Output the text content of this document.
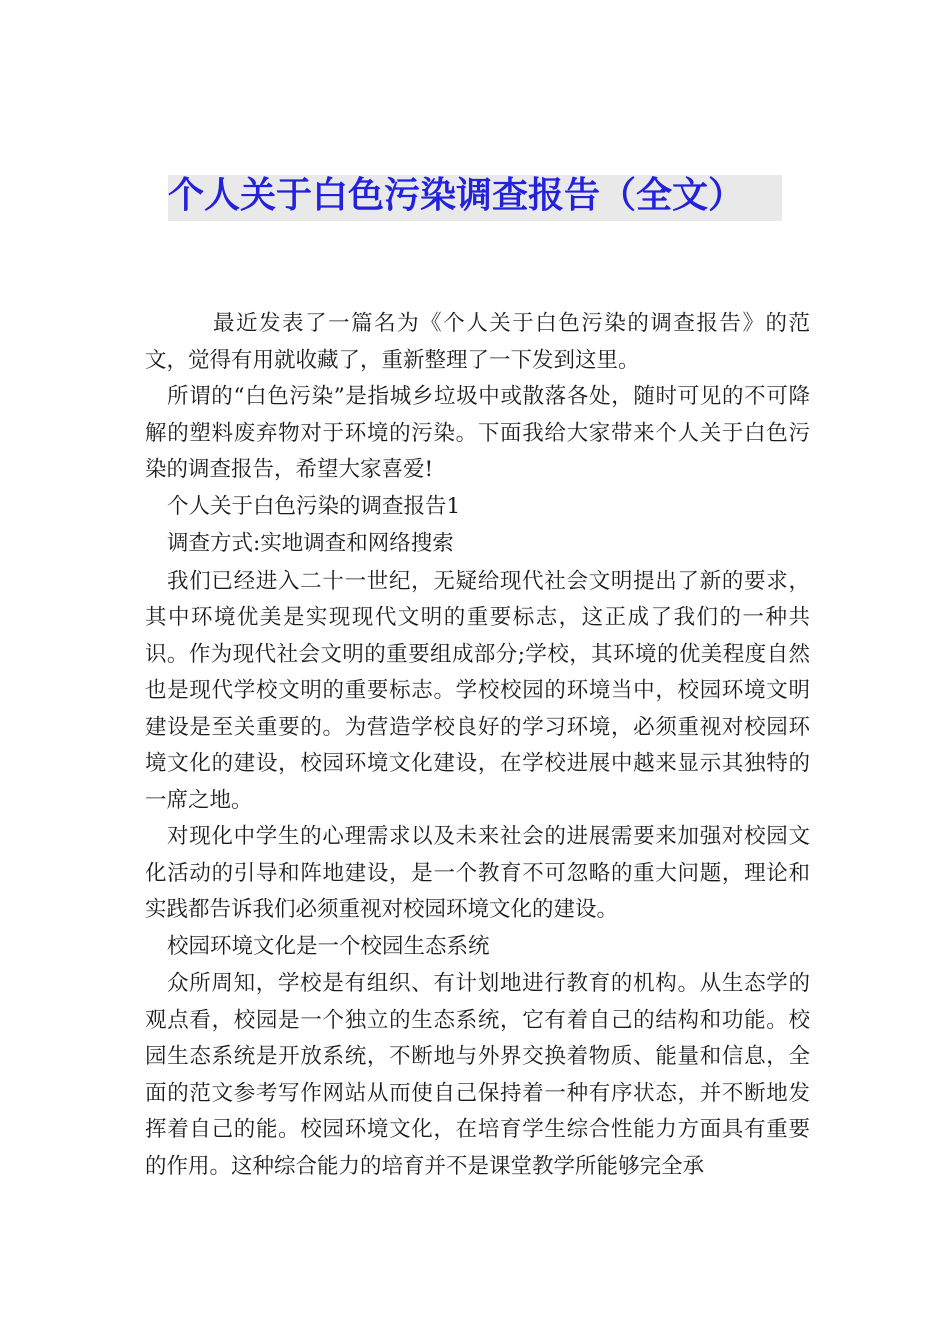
个人关于白色污染调查报告（全文）

最近发表了一篇名为《个人关于白色污染的调查报告》的范文，觉得有用就收藏了，重新整理了一下发到这里。

所谓的“白色污染”是指城乡垃圾中或散落各处，随时可见的不可降解的塑料废弃物对于环境的污染。下面我给大家带来个人关于白色污染的调查报告，希望大家喜爱!

个人关于白色污染的调查报告1

调查方式:实地调查和网络搜索

我们已经进入二十一世纪，无疑给现代社会文明提出了新的要求，其中环境优美是实现现代文明的重要标志，这正成了我们的一种共识。作为现代社会文明的重要组成部分;学校，其环境的优美程度自然也是现代学校文明的重要标志。学校校园的环境当中，校园环境文明建设是至关重要的。为营造学校良好的学习环境，必须重视对校园环境文化的建设，校园环境文化建设，在学校进展中越来显示其独特的一席之地。

对现化中学生的心理需求以及未来社会的进展需要来加强对校园文化活动的引导和阵地建设，是一个教育不可忽略的重大问题，理论和实践都告诉我们必须重视对校园环境文化的建设。

校园环境文化是一个校园生态系统

众所周知，学校是有组织、有计划地进行教育的机构。从生态学的观点看，校园是一个独立的生态系统，它有着自己的结构和功能。校园生态系统是开放系统，不断地与外界交换着物质、能量和信息，全面的范文参考写作网站从而使自己保持着一种有序状态，并不断地发挥着自己的能。校园环境文化，在培育学生综合性能力方面具有重要的作用。这种综合能力的培育并不是课堂教学所能够完全承
